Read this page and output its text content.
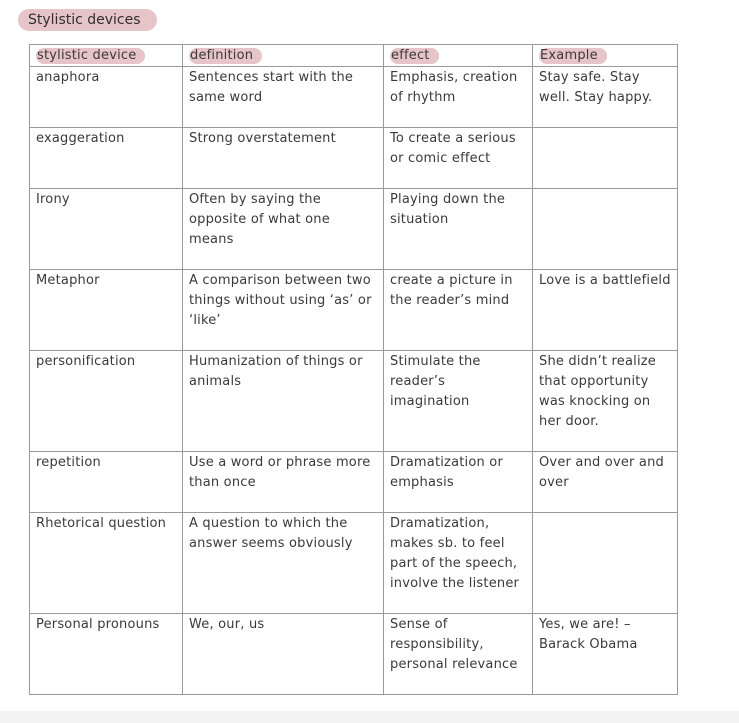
Stylistic devices
stylistic device	definition	effect	Example
anaphora	Sentences start with the same word	Emphasis, creation of rhythm	Stay safe. Stay well. Stay happy.
exaggeration	Strong overstatement	To create a serious or comic effect	
Irony	Often by saying the opposite of what one means	Playing down the situation	
Metaphor	A comparison between two things without using ‘as’ or ‘like’	create a picture in the reader’s mind	Love is a battlefield
personification	Humanization of things or animals	Stimulate the reader’s imagination	She didn’t realize that opportunity was knocking on her door.
repetition	Use a word or phrase more than once	Dramatization or emphasis	Over and over and over
Rhetorical question	A question to which the answer seems obviously	Dramatization, makes sb. to feel part of the speech, involve the listener	
Personal pronouns	We, our, us	Sense of responsibility, personal relevance	Yes, we are! – Barack Obama
